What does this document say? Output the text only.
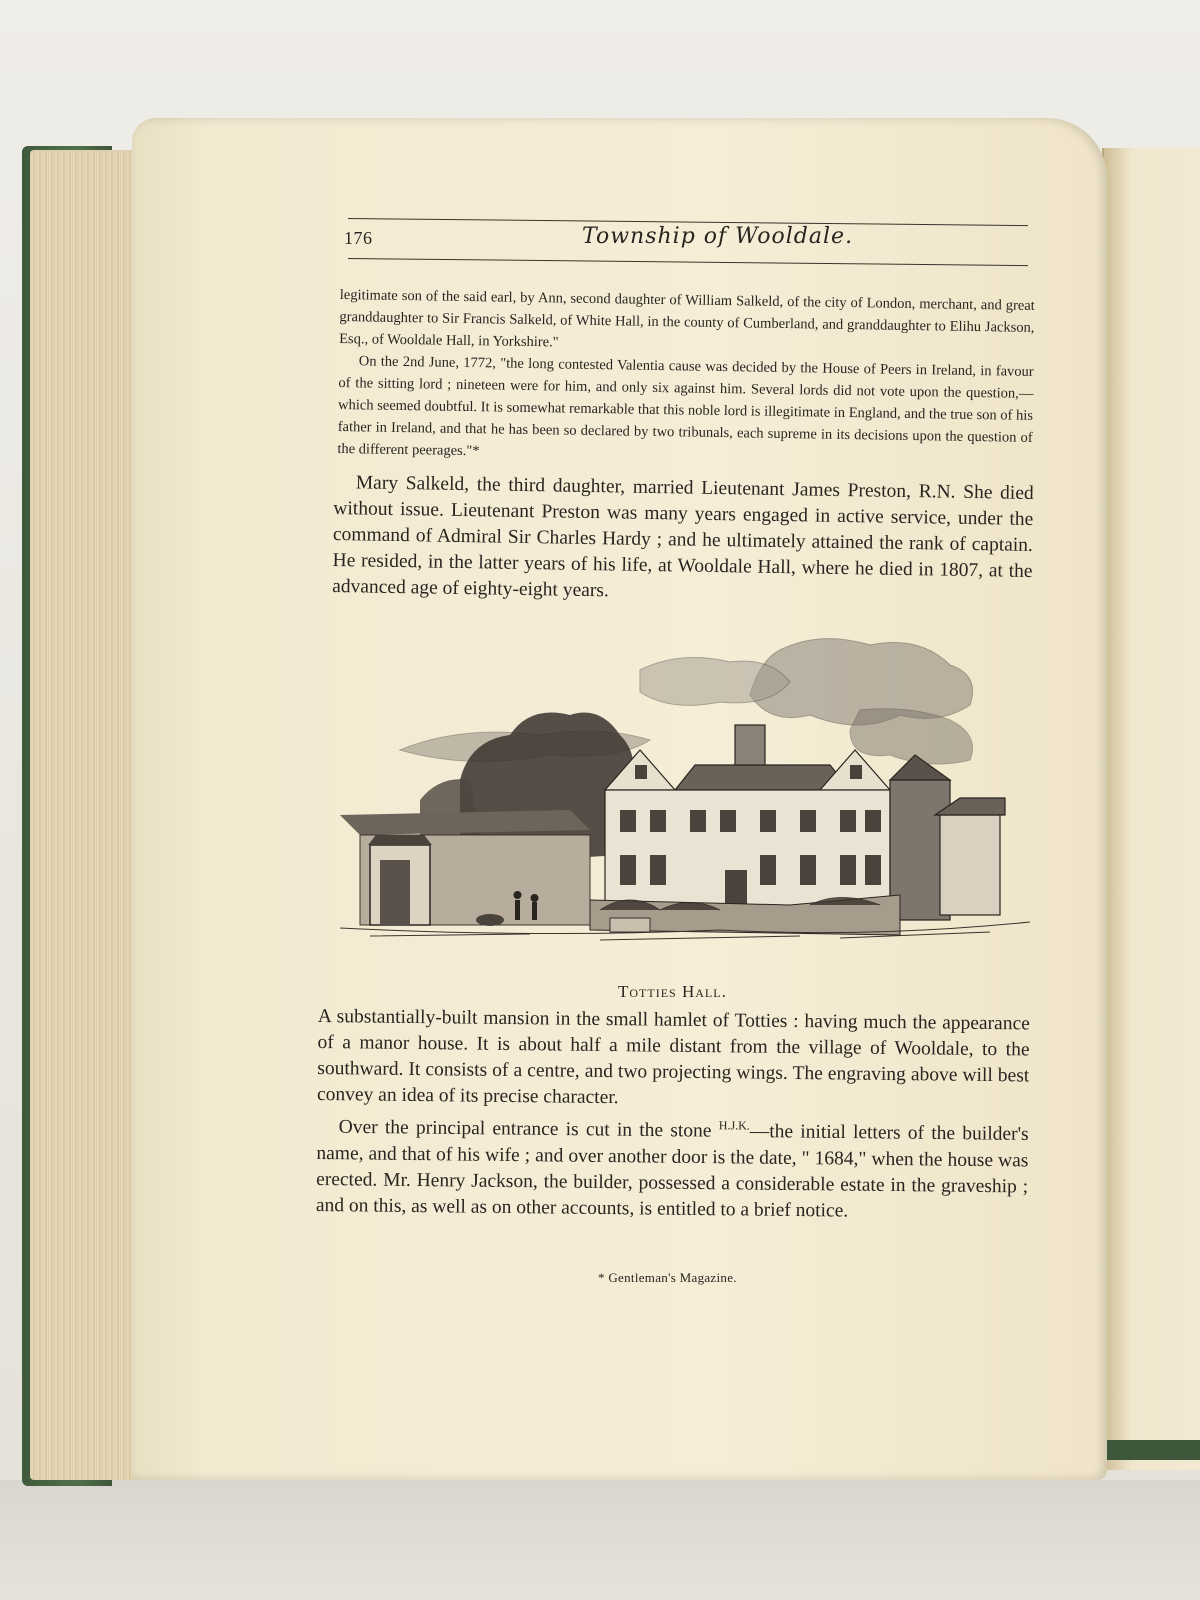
176	Township of Wooldale.

legitimate son of the said earl, by Ann, second daughter of William Salkeld, of the city of London, merchant, and great granddaughter to Sir Francis Salkeld, of White Hall, in the county of Cumberland, and granddaughter to Elihu Jackson, Esq., of Wooldale Hall, in Yorkshire."

On the 2nd June, 1772, "the long contested Valentia cause was decided by the House of Peers in Ireland, in favour of the sitting lord ; nineteen were for him, and only six against him. Several lords did not vote upon the question,—which seemed doubtful. It is somewhat remarkable that this noble lord is illegitimate in England, and the true son of his father in Ireland, and that he has been so declared by two tribunals, each supreme in its decisions upon the question of the different peerages."*

Mary Salkeld, the third daughter, married Lieutenant James Preston, R.N. She died without issue. Lieutenant Preston was many years engaged in active service, under the command of Admiral Sir Charles Hardy ; and he ultimately attained the rank of captain. He resided, in the latter years of his life, at Wooldale Hall, where he died in 1807, at the advanced age of eighty-eight years.

Totties Hall.

A substantially-built mansion in the small hamlet of Totties : having much the appearance of a manor house. It is about half a mile distant from the village of Wooldale, to the southward. It consists of a centre, and two projecting wings. The engraving above will best convey an idea of its precise character.

Over the principal entrance is cut in the stone $^{H.J.K.}$—the initial letters of the builder's name, and that of his wife ; and over another door is the date, " 1684," when the house was erected. Mr. Henry Jackson, the builder, possessed a considerable estate in the graveship ; and on this, as well as on other accounts, is entitled to a brief notice.

* Gentleman's Magazine.
